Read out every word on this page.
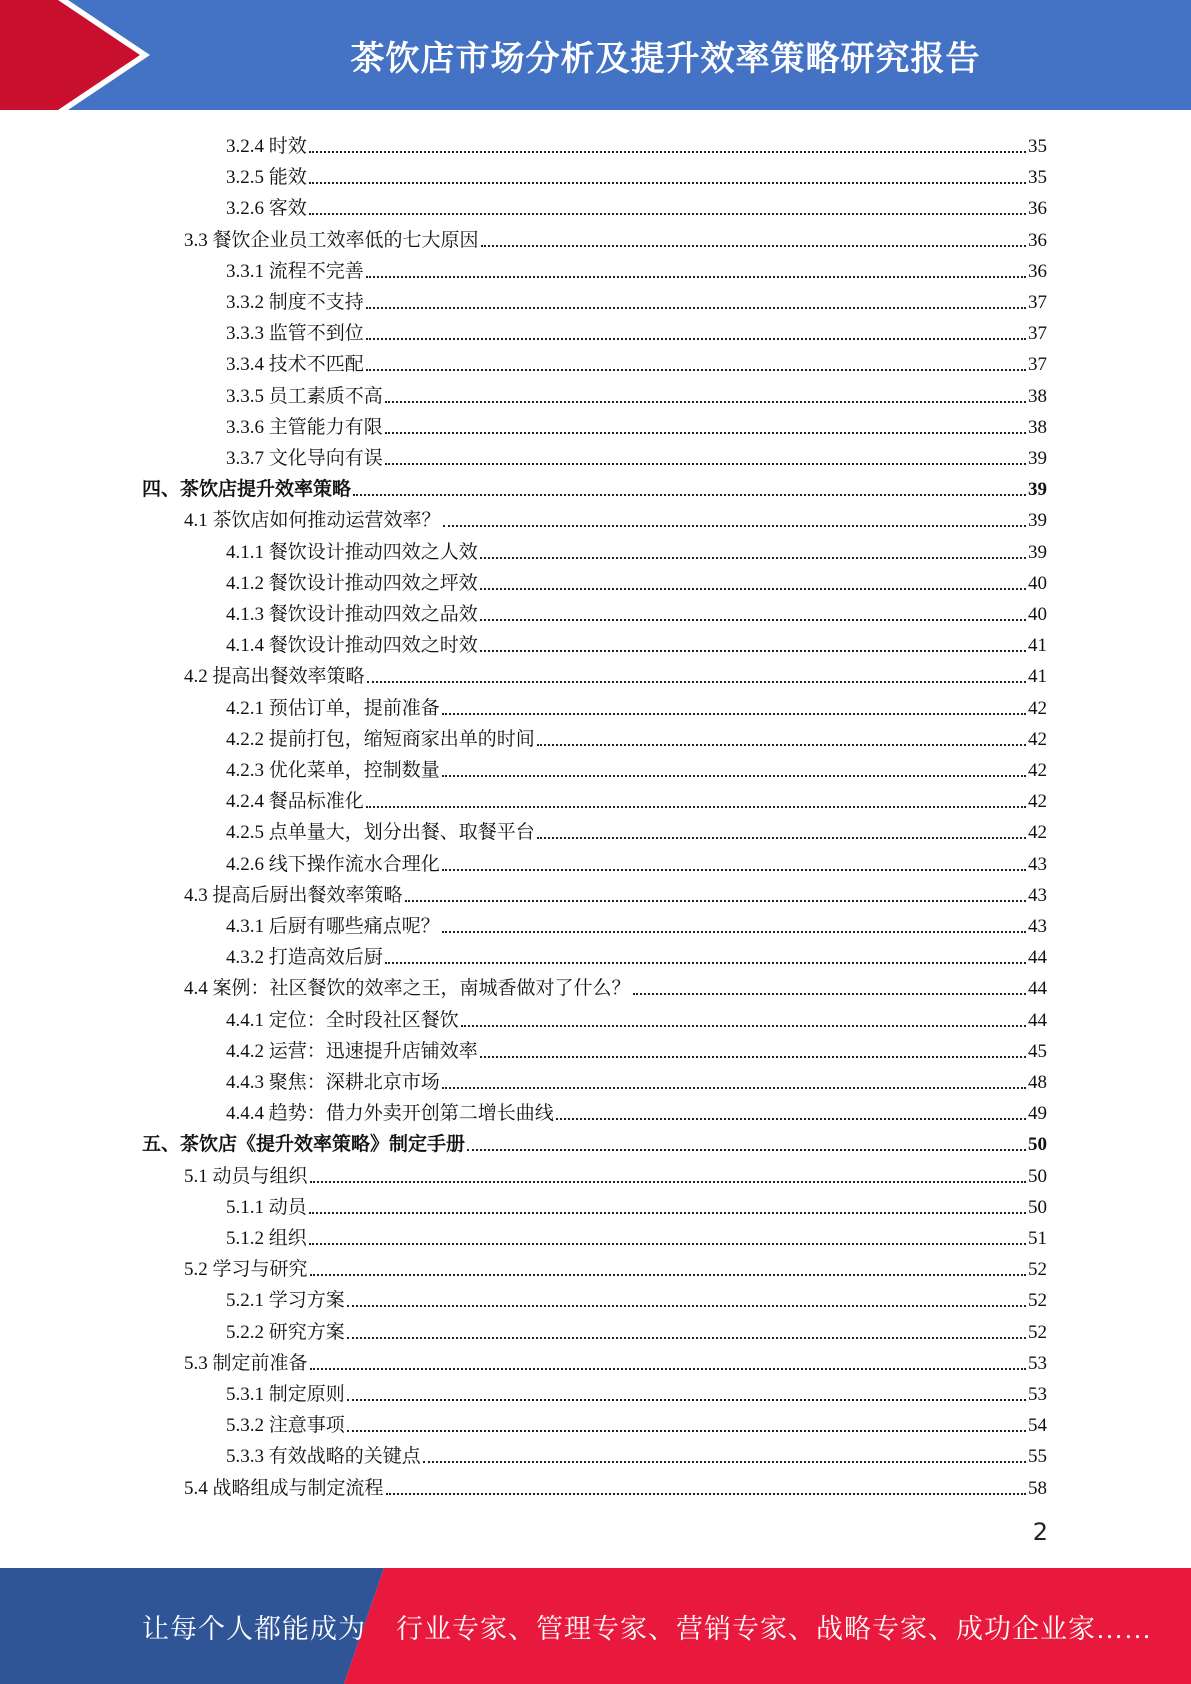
茶饮店市场分析及提升效率策略研究报告
3.2.4 时效	35
3.2.5 能效	35
3.2.6 客效	36
3.3 餐饮企业员工效率低的七大原因	36
3.3.1 流程不完善	36
3.3.2 制度不支持	37
3.3.3 监管不到位	37
3.3.4 技术不匹配	37
3.3.5 员工素质不高	38
3.3.6 主管能力有限	38
3.3.7 文化导向有误	39
四、茶饮店提升效率策略	39
4.1 茶饮店如何推动运营效率？	39
4.1.1 餐饮设计推动四效之人效	39
4.1.2 餐饮设计推动四效之坪效	40
4.1.3 餐饮设计推动四效之品效	40
4.1.4 餐饮设计推动四效之时效	41
4.2 提高出餐效率策略	41
4.2.1 预估订单，提前准备	42
4.2.2 提前打包，缩短商家出单的时间	42
4.2.3 优化菜单，控制数量	42
4.2.4 餐品标准化	42
4.2.5 点单量大，划分出餐、取餐平台	42
4.2.6 线下操作流水合理化	43
4.3 提高后厨出餐效率策略	43
4.3.1 后厨有哪些痛点呢？	43
4.3.2 打造高效后厨	44
4.4 案例：社区餐饮的效率之王，南城香做对了什么？	44
4.4.1 定位：全时段社区餐饮	44
4.4.2 运营：迅速提升店铺效率	45
4.4.3 聚焦：深耕北京市场	48
4.4.4 趋势：借力外卖开创第二增长曲线	49
五、茶饮店《提升效率策略》制定手册	50
5.1 动员与组织	50
5.1.1 动员	50
5.1.2 组织	51
5.2 学习与研究	52
5.2.1 学习方案	52
5.2.2 研究方案	52
5.3 制定前准备	53
5.3.1 制定原则	53
5.3.2 注意事项	54
5.3.3 有效战略的关键点	55
5.4 战略组成与制定流程	58
2
让每个人都能成为 行业专家、管理专家、营销专家、战略专家、成功企业家……
